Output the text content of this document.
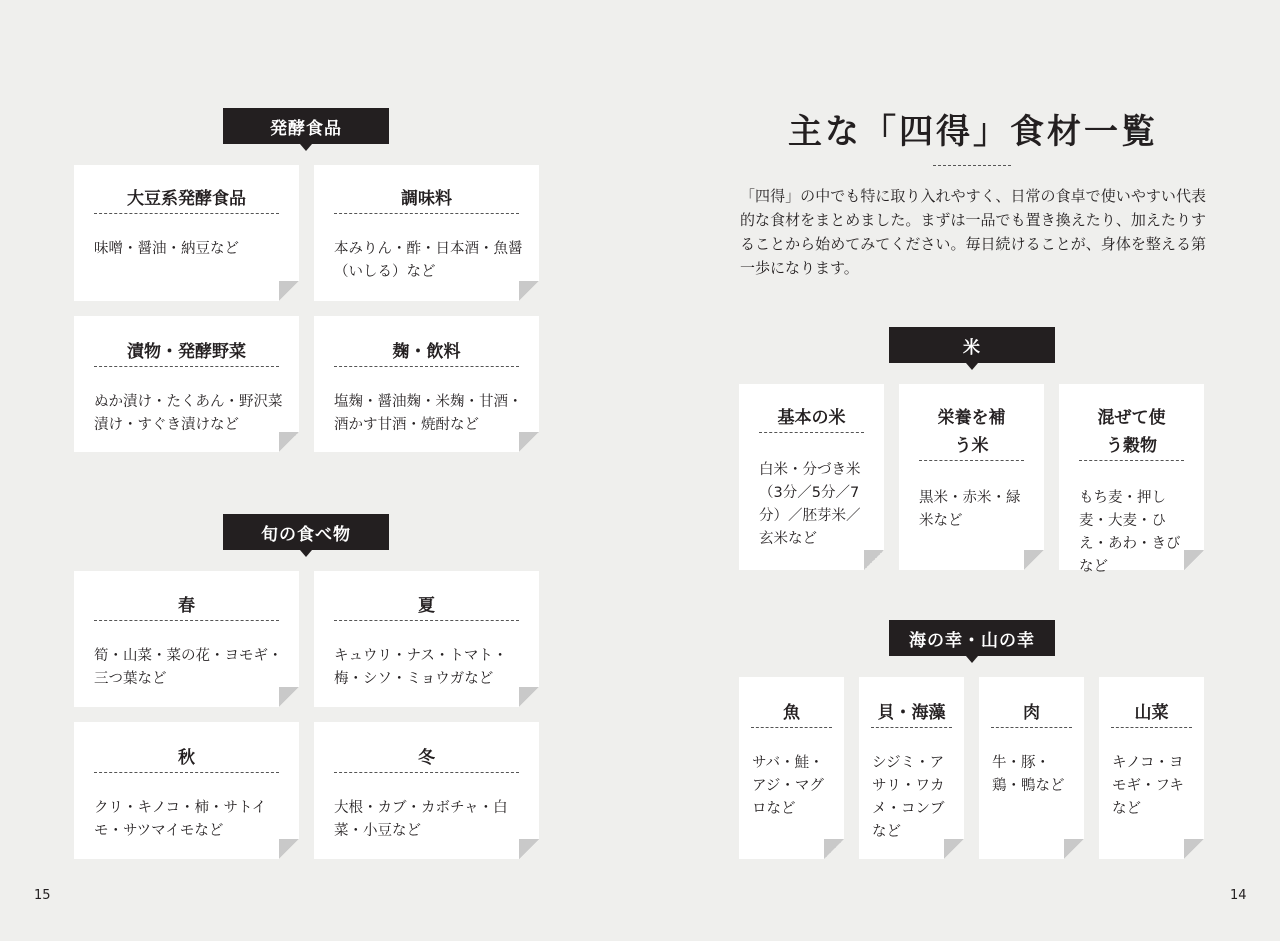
発酵食品
大豆系発酵食品
味噌・醤油・納豆など
調味料
本みりん・酢・日本酒・魚醤（いしる）など
漬物・発酵野菜
ぬか漬け・たくあん・野沢菜漬け・すぐき漬けなど
麹・飲料
塩麹・醤油麹・米麹・甘酒・酒かす甘酒・焼酎など
旬の食べ物
春
筍・山菜・菜の花・ヨモギ・三つ葉など
夏
キュウリ・ナス・トマト・梅・シソ・ミョウガなど
秋
クリ・キノコ・柿・サトイモ・サツマイモなど
冬
大根・カブ・カボチャ・白菜・小豆など
15
主な「四得」食材一覧
「四得」の中でも特に取り入れやすく、日常の食卓で使いやすい代表的な食材をまとめました。まずは一品でも置き換えたり、加えたりすることから始めてみてください。毎日続けることが、身体を整える第一歩になります。
米
基本の米
白米・分づき米（3分／5分／7分）／胚芽米／玄米など
栄養を補う米
黒米・赤米・緑米など
混ぜて使う穀物
もち麦・押し麦・大麦・ひえ・あわ・きびなど
海の幸・山の幸
魚
サバ・鮭・アジ・マグロなど
貝・海藻
シジミ・アサリ・ワカメ・コンブなど
肉
牛・豚・鶏・鴨など
山菜
キノコ・ヨモギ・フキなど
14
